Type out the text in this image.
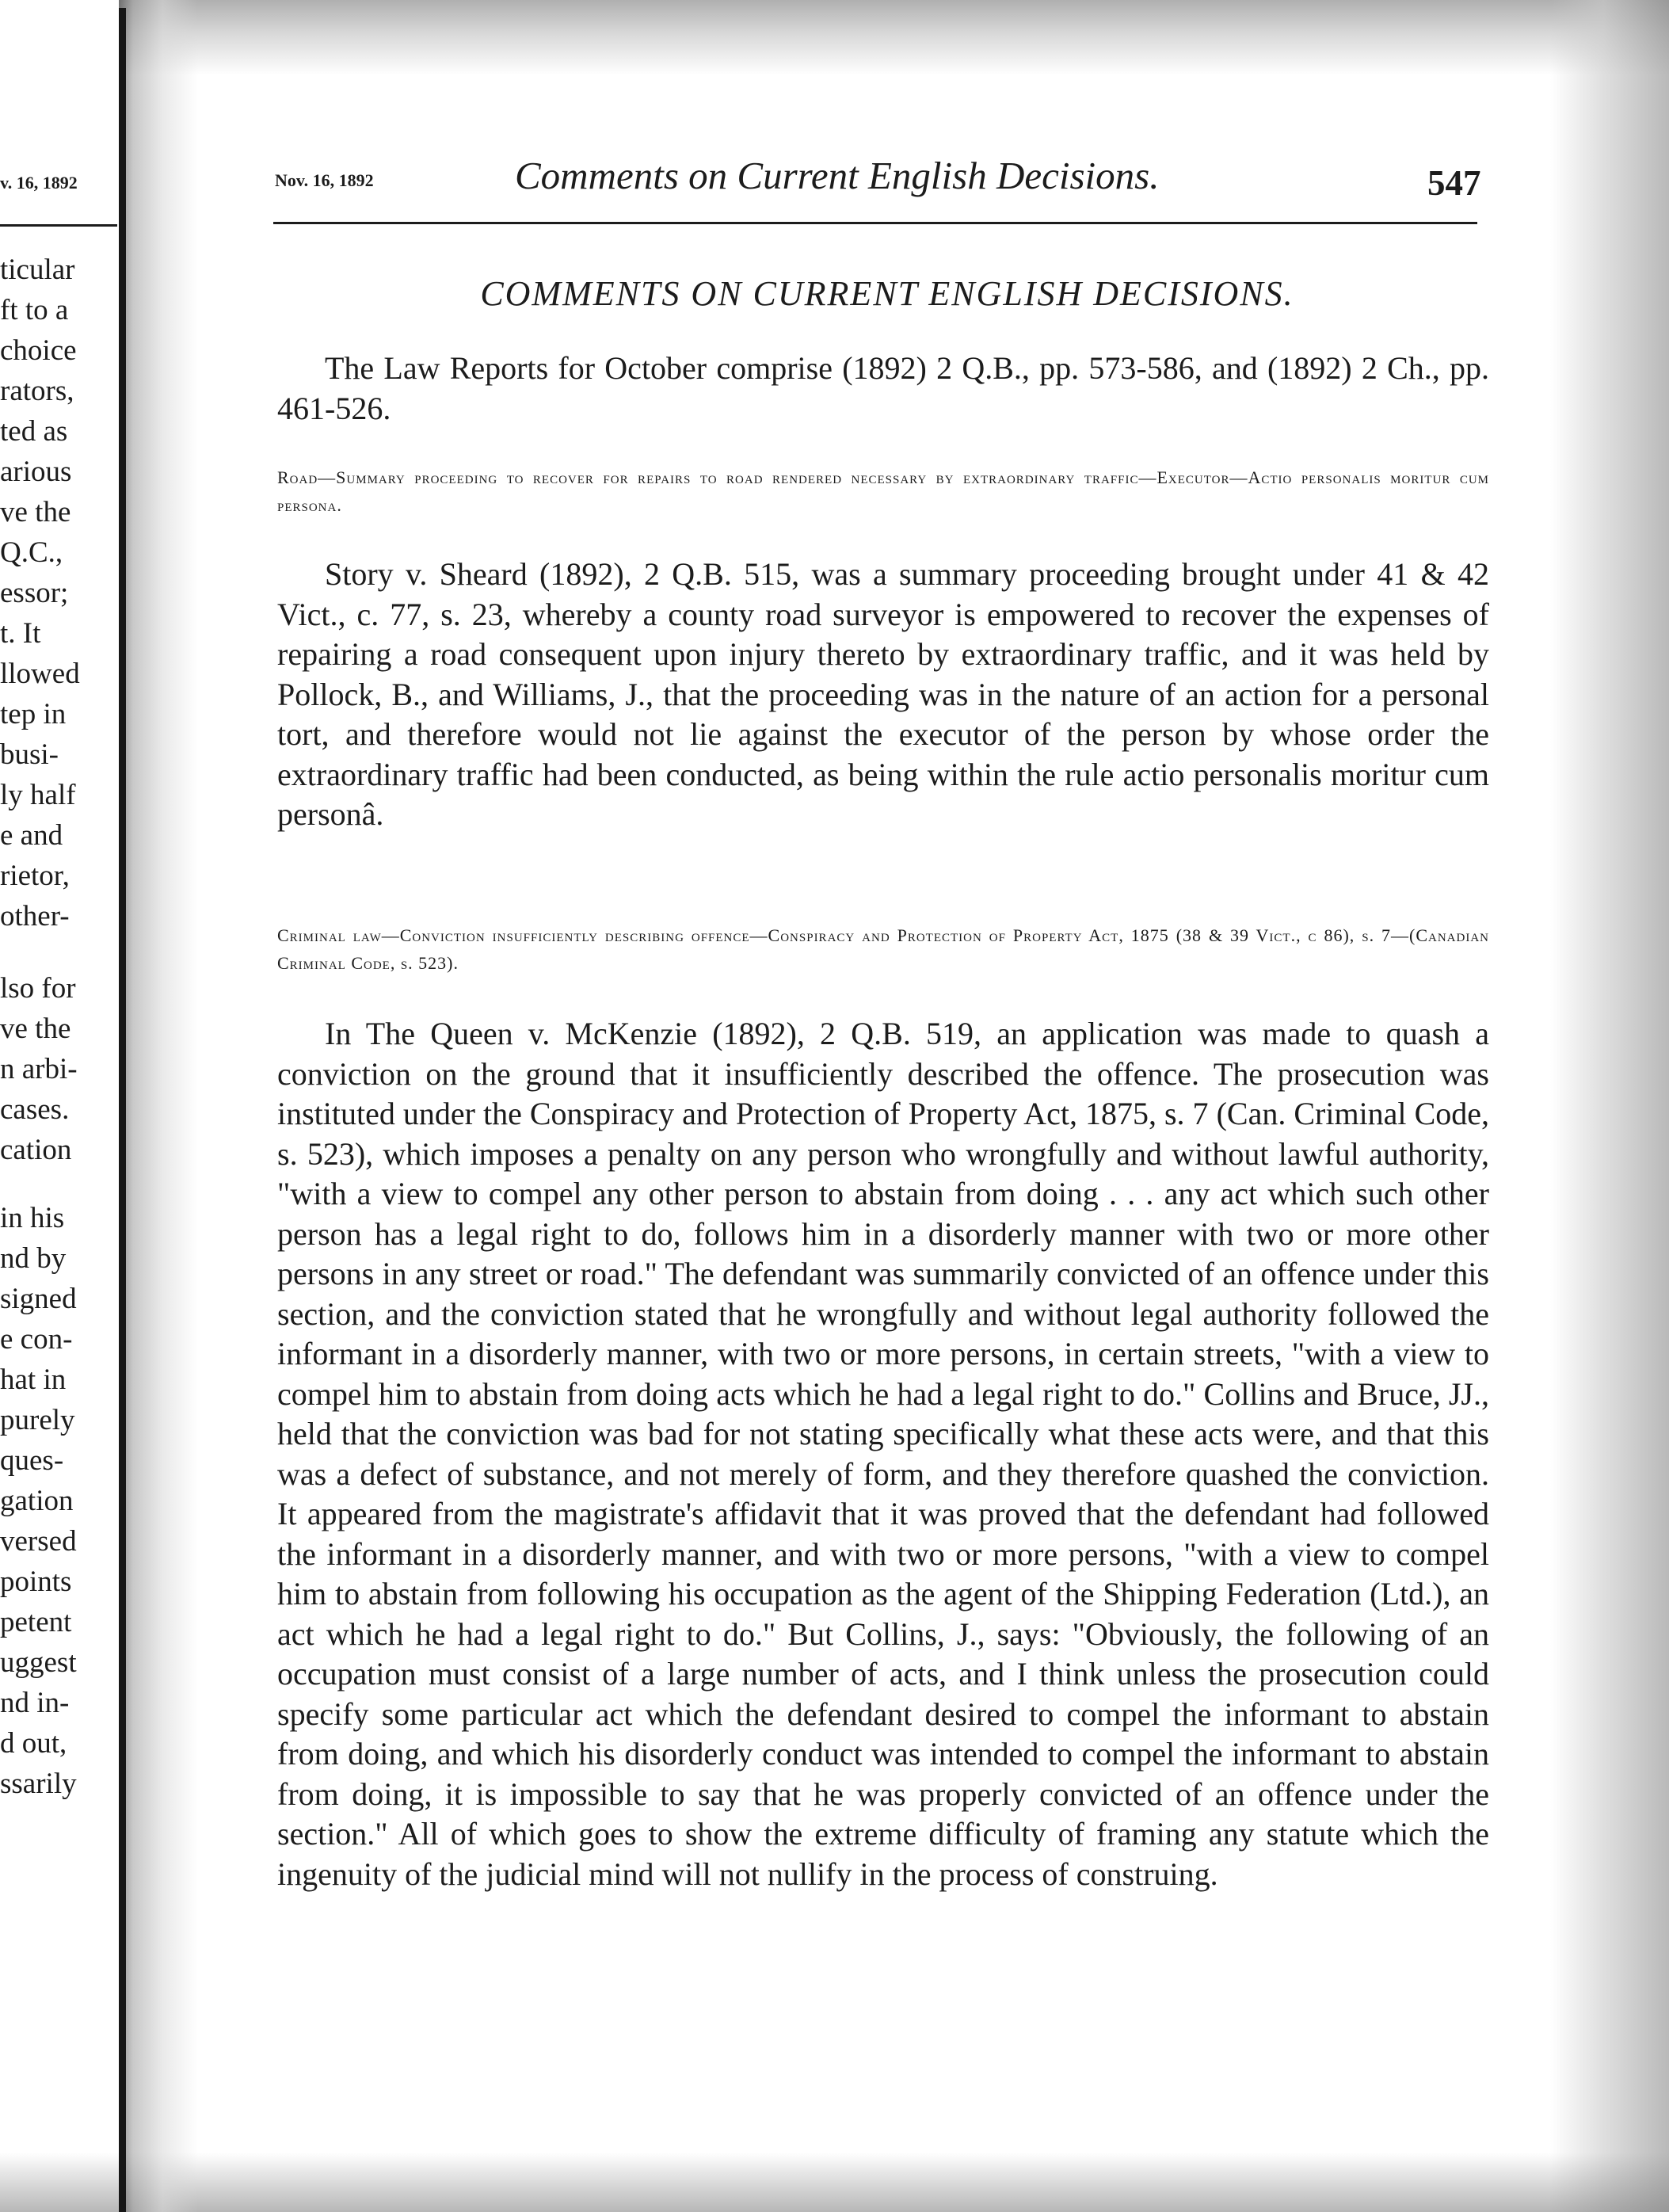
v. 16, 1892
ticular
ft to a
choice
rators,
ted as
arious
ve the
Q.C.,
essor;
t. It
llowed
tep in
busi-
ly half
e and
rietor,
other-
lso for
ve the
n arbi-
cases.
cation
in his
nd by
signed
e con-
hat in
purely
ques-
gation
versed
points
petent
uggest
nd in-
d out,
ssarily
Nov. 16, 1892	Comments on Current English Decisions.	547
COMMENTS ON CURRENT ENGLISH DECISIONS.

The Law Reports for October comprise (1892) 2 Q.B., pp. 573-586, and (1892) 2 Ch., pp. 461-526.

Road—Summary proceeding to recover for repairs to road rendered necessary by extraordinary traffic—Executor—Actio personalis moritur cum persona.

Story v. Sheard (1892), 2 Q.B. 515, was a summary proceeding brought under 41 & 42 Vict., c. 77, s. 23, whereby a county road surveyor is empowered to recover the expenses of repairing a road consequent upon injury thereto by extraordinary traffic, and it was held by Pollock, B., and Williams, J., that the proceeding was in the nature of an action for a personal tort, and therefore would not lie against the executor of the person by whose order the extraordinary traffic had been conducted, as being within the rule actio personalis moritur cum personâ.

Criminal law—Conviction insufficiently describing offence—Conspiracy and Protection of Property Act, 1875 (38 & 39 Vict., c 86), s. 7—(Canadian Criminal Code, s. 523).

In The Queen v. McKenzie (1892), 2 Q.B. 519, an application was made to quash a conviction on the ground that it insufficiently described the offence. The prosecution was instituted under the Conspiracy and Protection of Property Act, 1875, s. 7 (Can. Criminal Code, s. 523), which imposes a penalty on any person who wrongfully and without lawful authority, "with a view to compel any other person to abstain from doing . . . any act which such other person has a legal right to do, follows him in a disorderly manner with two or more other persons in any street or road." The defendant was summarily convicted of an offence under this section, and the conviction stated that he wrongfully and without legal authority followed the informant in a disorderly manner, with two or more persons, in certain streets, "with a view to compel him to abstain from doing acts which he had a legal right to do." Collins and Bruce, JJ., held that the conviction was bad for not stating specifically what these acts were, and that this was a defect of substance, and not merely of form, and they therefore quashed the conviction. It appeared from the magistrate's affidavit that it was proved that the defendant had followed the informant in a disorderly manner, and with two or more persons, "with a view to compel him to abstain from following his occupation as the agent of the Shipping Federation (Ltd.), an act which he had a legal right to do." But Collins, J., says: "Obviously, the following of an occupation must consist of a large number of acts, and I think unless the prosecution could specify some particular act which the defendant desired to compel the informant to abstain from doing, and which his disorderly conduct was intended to compel the informant to abstain from doing, it is impossible to say that he was properly convicted of an offence under the section." All of which goes to show the extreme difficulty of framing any statute which the ingenuity of the judicial mind will not nullify in the process of construing.
